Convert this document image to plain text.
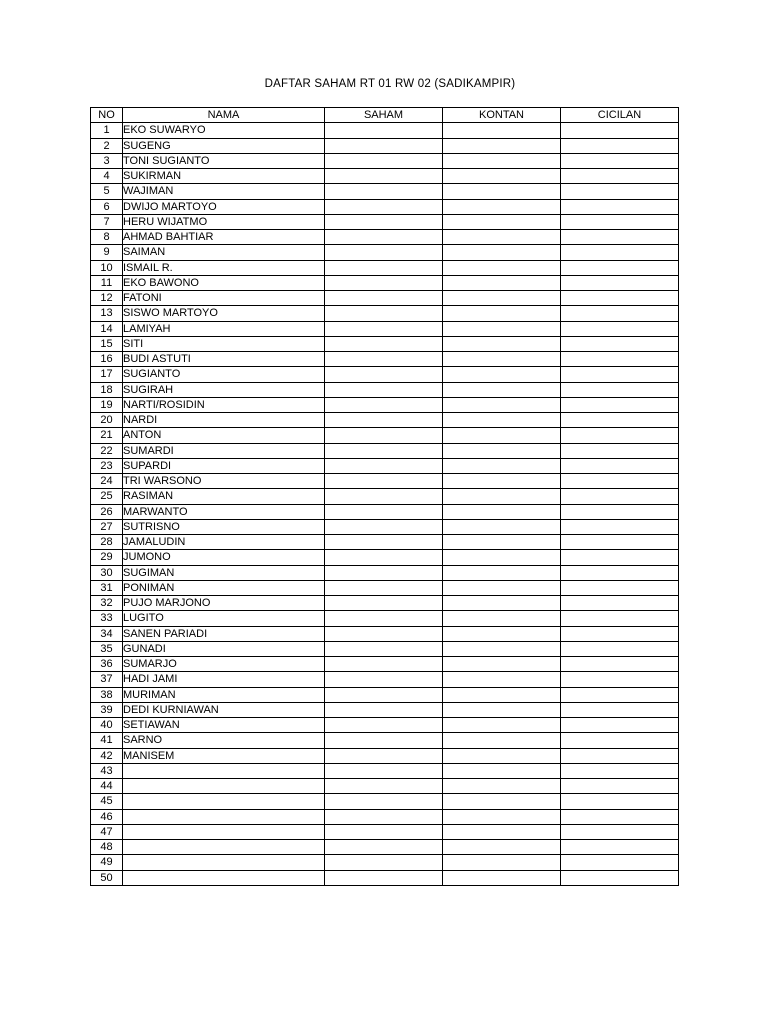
DAFTAR SAHAM RT 01 RW 02 (SADIKAMPIR)
NO	NAMA	SAHAM	KONTAN	CICILAN
1	EKO SUWARYO			
2	SUGENG			
3	TONI SUGIANTO			
4	SUKIRMAN			
5	WAJIMAN			
6	DWIJO MARTOYO			
7	HERU WIJATMO			
8	AHMAD BAHTIAR			
9	SAIMAN			
10	ISMAIL R.			
11	EKO BAWONO			
12	FATONI			
13	SISWO MARTOYO			
14	LAMIYAH			
15	SITI			
16	BUDI ASTUTI			
17	SUGIANTO			
18	SUGIRAH			
19	NARTI/ROSIDIN			
20	NARDI			
21	ANTON			
22	SUMARDI			
23	SUPARDI			
24	TRI WARSONO			
25	RASIMAN			
26	MARWANTO			
27	SUTRISNO			
28	JAMALUDIN			
29	JUMONO			
30	SUGIMAN			
31	PONIMAN			
32	PUJO MARJONO			
33	LUGITO			
34	SANEN PARIADI			
35	GUNADI			
36	SUMARJO			
37	HADI JAMI			
38	MURIMAN			
39	DEDI KURNIAWAN			
40	SETIAWAN			
41	SARNO			
42	MANISEM			
43				
44				
45				
46				
47				
48				
49				
50				
